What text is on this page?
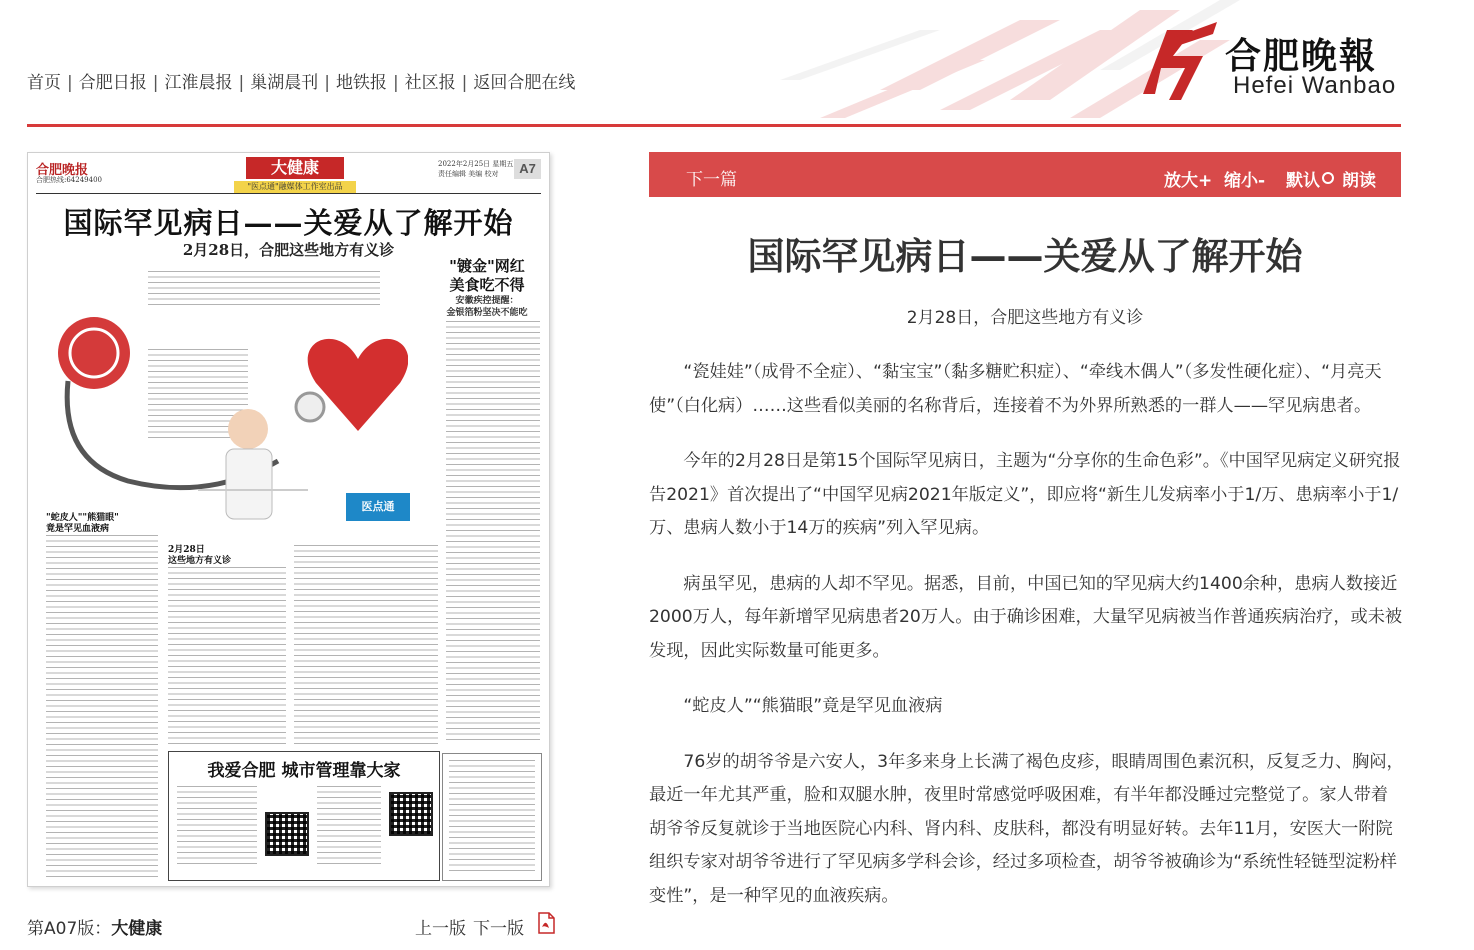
首页 | 合肥日报 | 江淮晨报 | 巢湖晨刊 | 地铁报 | 社区报 | 返回合肥在线
合肥晚報
Hefei Wanbao
合肥晚报
合肥热线:64249400
大健康
"医点通"融媒体工作室出品
2022年2月25日 星期五
责任编辑 美编 校对	A7
国际罕见病日——关爱从了解开始
2月28日，合肥这些地方有义诊
"镀金"网红
美食吃不得
安徽疾控提醒：
金银箔粉坚决不能吃
医点通
"蛇皮人""熊猫眼"
竟是罕见血液病
2月28日
这些地方有义诊
我爱合肥 城市管理靠大家
第A07版：大健康	上一版 下一版
下一篇	放大+ 缩小- 默认	朗读
国际罕见病日——关爱从了解开始
2月28日，合肥这些地方有义诊

“瓷娃娃”（成骨不全症）、“黏宝宝”（黏多糖贮积症）、“牵线木偶人”（多发性硬化症）、“月亮天使”（白化病）……这些看似美丽的名称背后，连接着不为外界所熟悉的一群人——罕见病患者。

今年的2月28日是第15个国际罕见病日，主题为“分享你的生命色彩”。《中国罕见病定义研究报告2021》首次提出了“中国罕见病2021年版定义”，即应将“新生儿发病率小于1/万、患病率小于1/万、患病人数小于14万的疾病”列入罕见病。

病虽罕见，患病的人却不罕见。据悉，目前，中国已知的罕见病大约1400余种，患病人数接近2000万人，每年新增罕见病患者20万人。由于确诊困难，大量罕见病被当作普通疾病治疗，或未被发现，因此实际数量可能更多。

“蛇皮人”“熊猫眼”竟是罕见血液病

76岁的胡爷爷是六安人，3年多来身上长满了褐色皮疹，眼睛周围色素沉积，反复乏力、胸闷，最近一年尤其严重，脸和双腿水肿，夜里时常感觉呼吸困难，有半年都没睡过完整觉了。家人带着胡爷爷反复就诊于当地医院心内科、肾内科、皮肤科，都没有明显好转。去年11月，安医大一附院组织专家对胡爷爷进行了罕见病多学科会诊，经过多项检查，胡爷爷被确诊为“系统性轻链型淀粉样变性”，是一种罕见的血液疾病。
